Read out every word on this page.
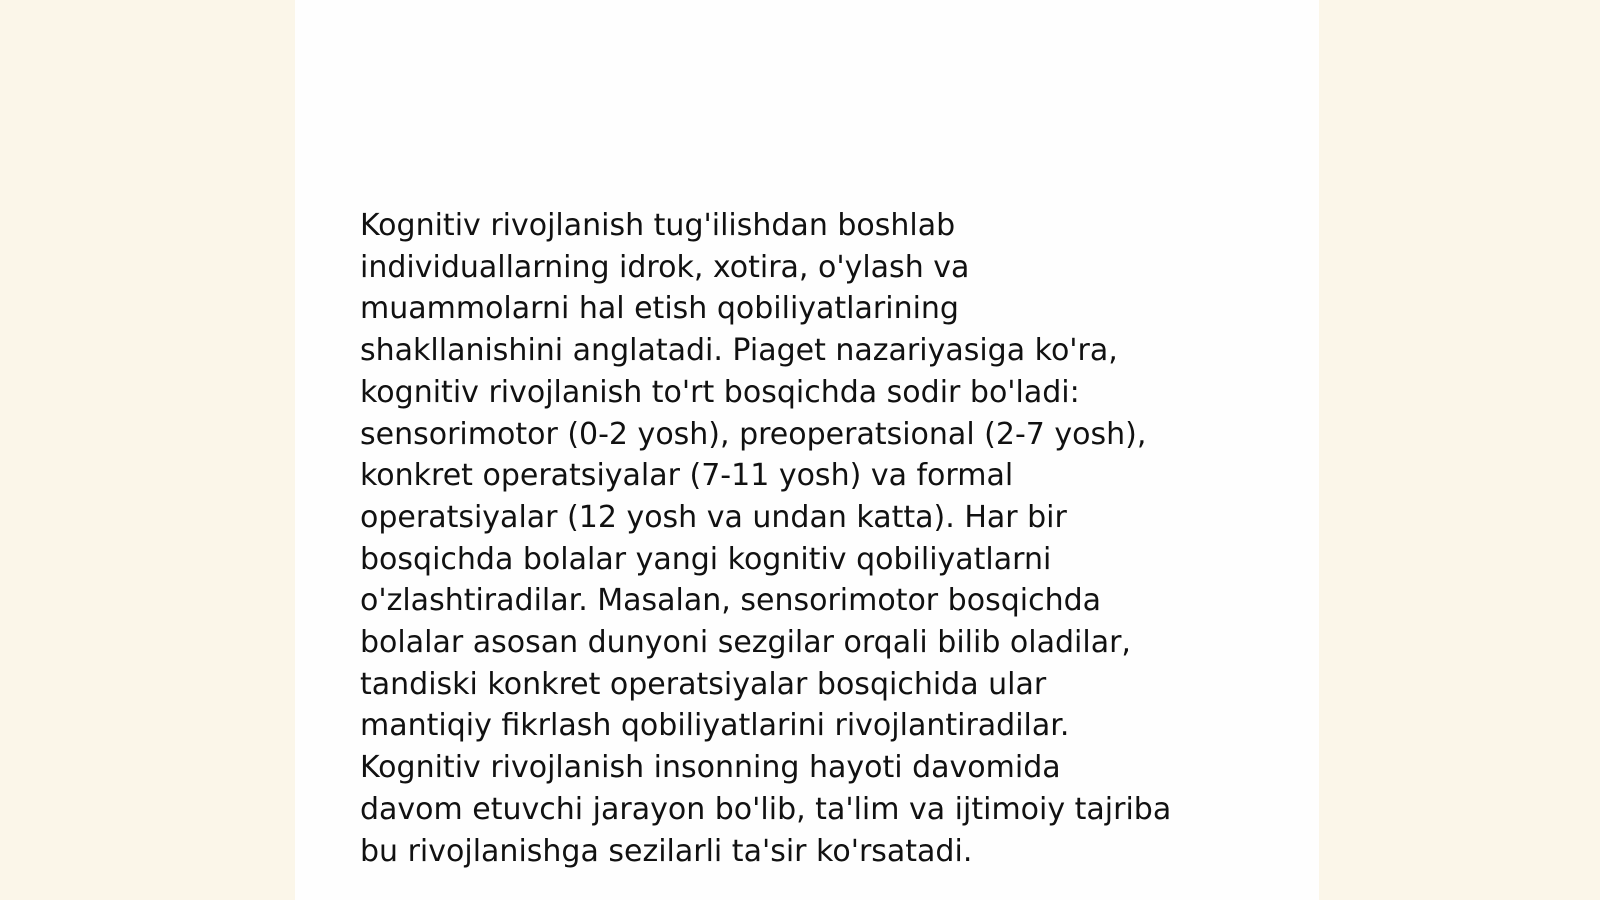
Kognitiv rivojlanish tug'ilishdan boshlab
individuallarning idrok, xotira, o'ylash va
muammolarni hal etish qobiliyatlarining
shakllanishini anglatadi. Piaget nazariyasiga ko'ra,
kognitiv rivojlanish to'rt bosqichda sodir bo'ladi:
sensorimotor (0-2 yosh), preoperatsional (2-7 yosh),
konkret operatsiyalar (7-11 yosh) va formal
operatsiyalar (12 yosh va undan katta). Har bir
bosqichda bolalar yangi kognitiv qobiliyatlarni
o'zlashtiradilar. Masalan, sensorimotor bosqichda
bolalar asosan dunyoni sezgilar orqali bilib oladilar,
tandiski konkret operatsiyalar bosqichida ular
mantiqiy fikrlash qobiliyatlarini rivojlantiradilar.
Kognitiv rivojlanish insonning hayoti davomida
davom etuvchi jarayon bo'lib, ta'lim va ijtimoiy tajriba
bu rivojlanishga sezilarli ta'sir ko'rsatadi.
